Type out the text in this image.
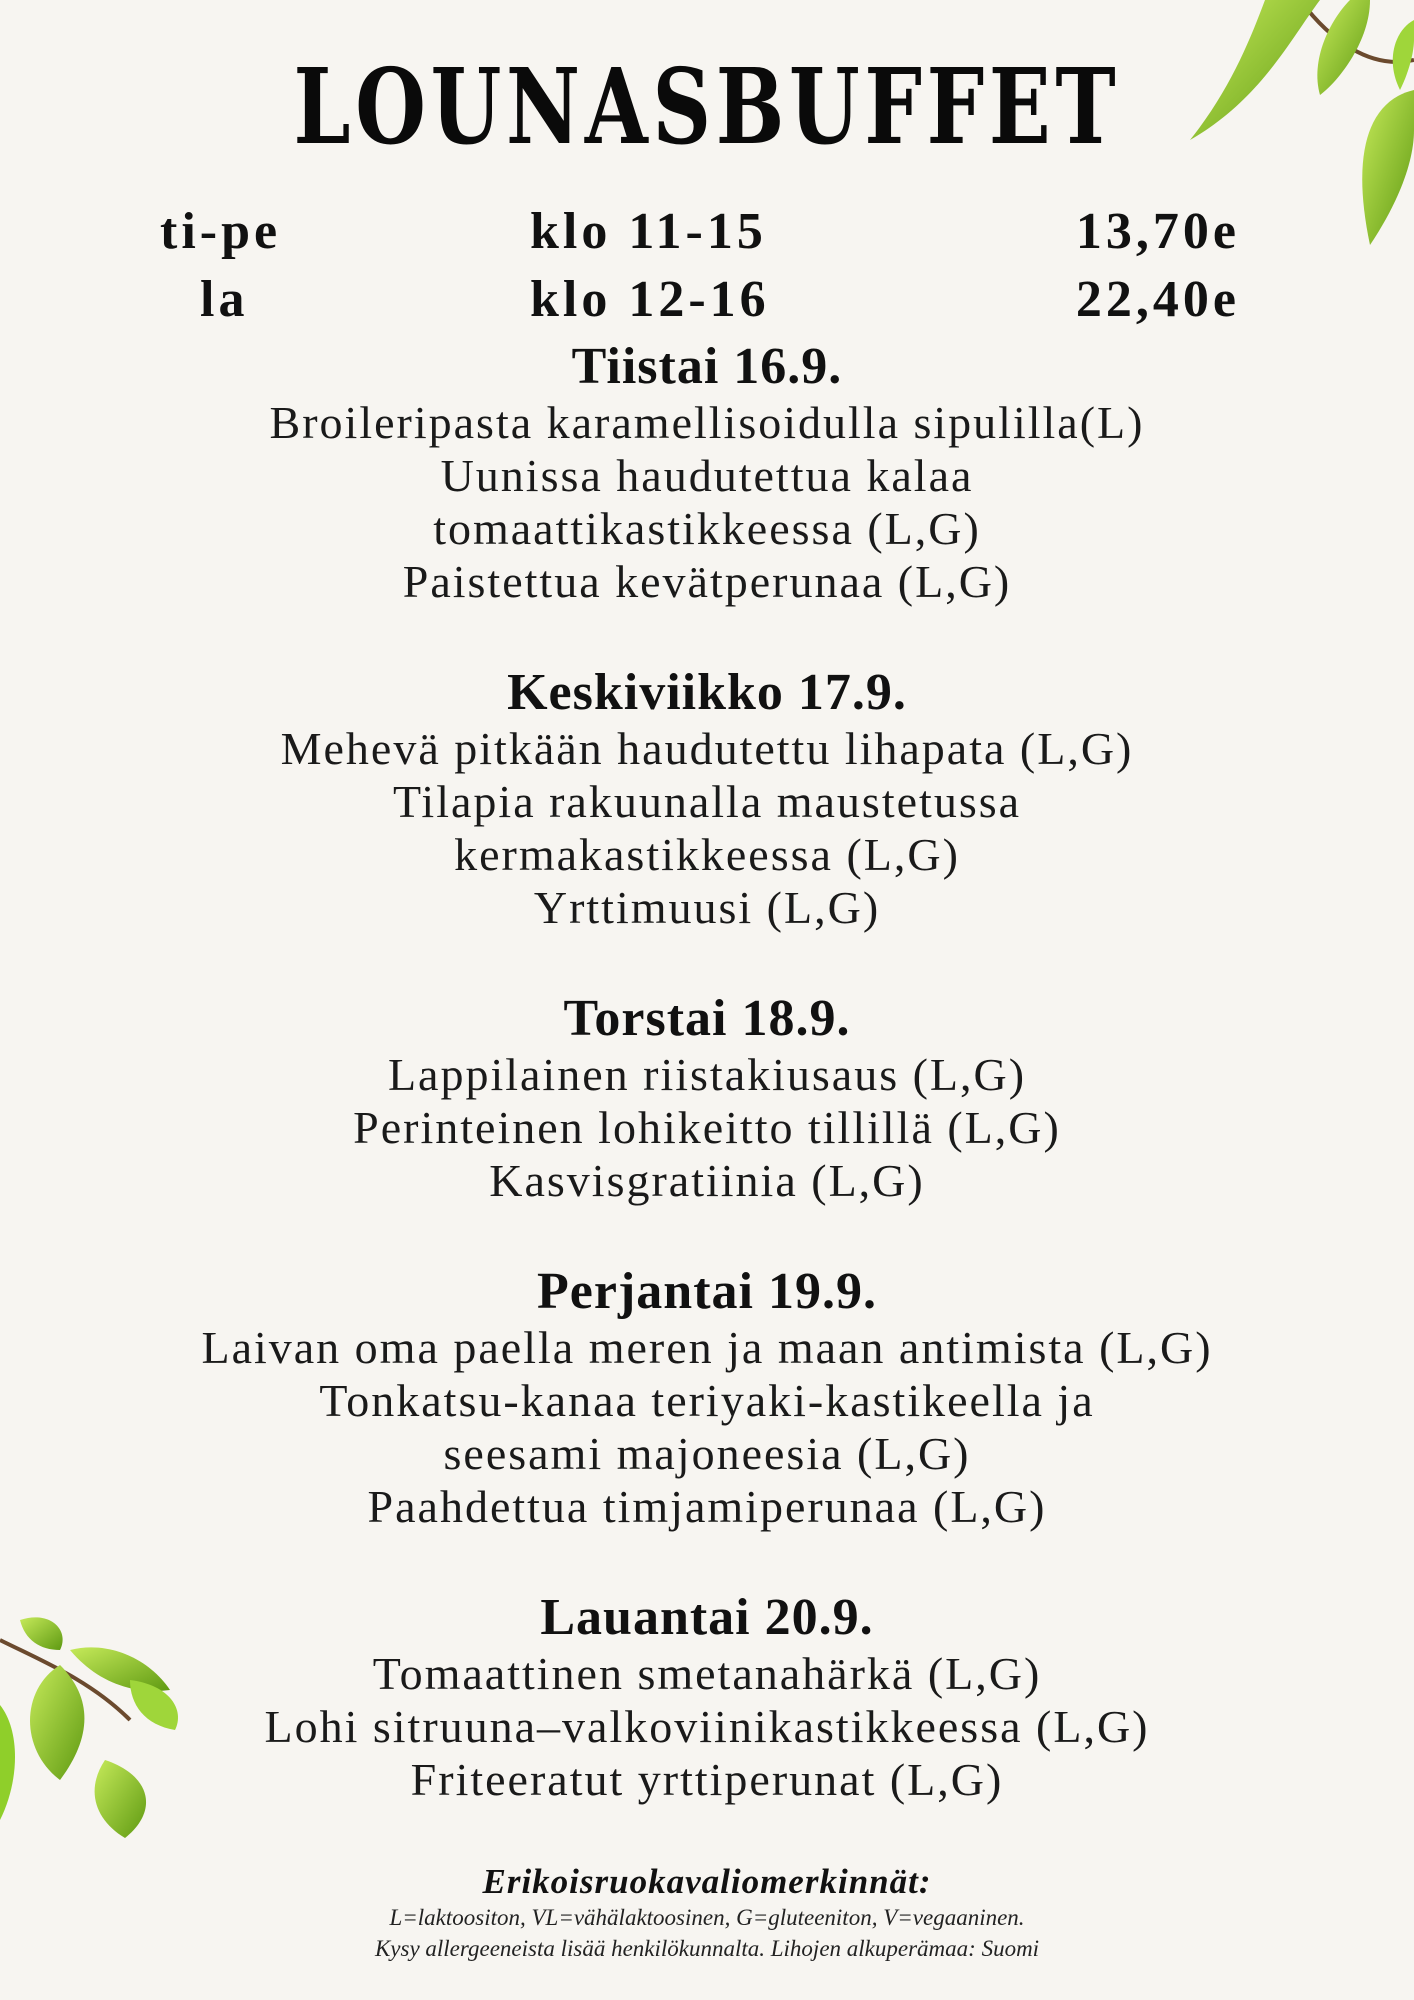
LOUNASBUFFET
ti-pe	klo 11-15	13,70e
la	klo 12-16	22,40e
Tiistai 16.9.
Broileripasta karamellisoidulla sipulilla(L)
Uunissa haudutettua kalaa
tomaattikastikkeessa (L,G)
Paistettua kevätperunaa (L,G)
Keskiviikko 17.9.
Mehevä pitkään haudutettu lihapata (L,G)
Tilapia rakuunalla maustetussa
kermakastikkeessa (L,G)
Yrttimuusi (L,G)
Torstai 18.9.
Lappilainen riistakiusaus (L,G)
Perinteinen lohikeitto tillillä (L,G)
Kasvisgratiinia (L,G)
Perjantai 19.9.
Laivan oma paella meren ja maan antimista (L,G)
Tonkatsu-kanaa teriyaki-kastikeella ja
seesami majoneesia (L,G)
Paahdettua timjamiperunaa (L,G)
Lauantai 20.9.
Tomaattinen smetanahärkä (L,G)
Lohi sitruuna–valkoviinikastikkeessa (L,G)
Friteeratut yrttiperunat (L,G)
Erikoisruokavaliomerkinnät:
L=laktoositon, VL=vähälaktoosinen, G=gluteeniton, V=vegaaninen.
Kysy allergeeneista lisää henkilökunnalta. Lihojen alkuperämaa: Suomi
